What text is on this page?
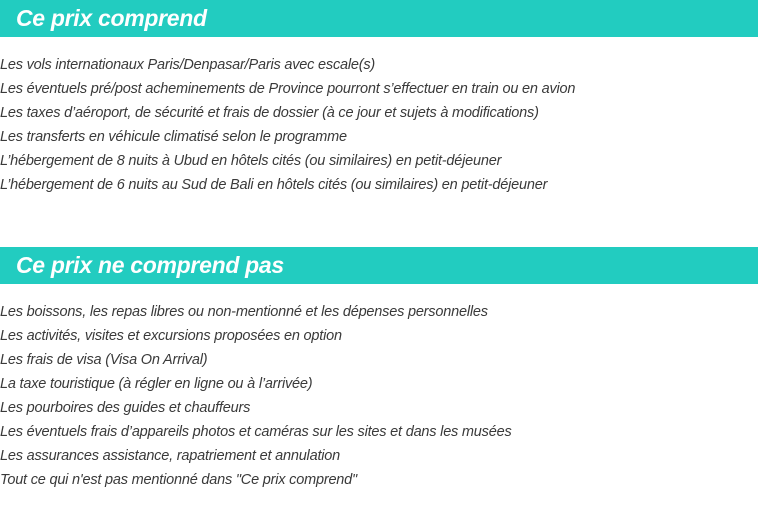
Ce prix comprend
Les vols internationaux Paris/Denpasar/Paris avec escale(s)
Les éventuels pré/post acheminements de Province pourront s’effectuer en train ou en avion
Les taxes d’aéroport, de sécurité et frais de dossier (à ce jour et sujets à modifications)
Les transferts en véhicule climatisé selon le programme
L’hébergement de 8 nuits à Ubud en hôtels cités (ou similaires) en petit-déjeuner
L’hébergement de 6 nuits au Sud de Bali en hôtels cités (ou similaires) en petit-déjeuner
Ce prix ne comprend pas
Les boissons, les repas libres ou non-mentionné et les dépenses personnelles
Les activités, visites et excursions proposées en option
Les frais de visa (Visa On Arrival)
La taxe touristique (à régler en ligne ou à l’arrivée)
Les pourboires des guides et chauffeurs
Les éventuels frais d’appareils photos et caméras sur les sites et dans les musées
Les assurances assistance, rapatriement et annulation
Tout ce qui n'est pas mentionné dans "Ce prix comprend"
